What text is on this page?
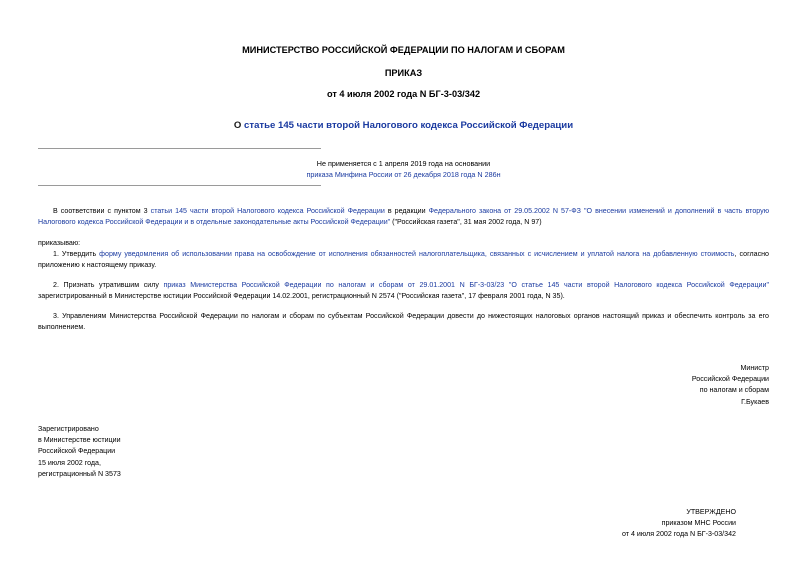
МИНИСТЕРСТВО РОССИЙСКОЙ ФЕДЕРАЦИИ ПО НАЛОГАМ И СБОРАМ
ПРИКАЗ
от 4 июля 2002 года N БГ-3-03/342
О статье 145 части второй Налогового кодекса Российской Федерации
Не применяется с 1 апреля 2019 года на основании
приказа Минфина России от 26 декабря 2018 года N 286н
В соответствии с пунктом 3 статьи 145 части второй Налогового кодекса Российской Федерации в редакции Федерального закона от 29.05.2002 N 57-ФЗ "О внесении изменений и дополнений в часть вторую Налогового кодекса Российской Федерации и в отдельные законодательные акты Российской Федерации" ("Российская газета", 31 мая 2002 года, N 97)
приказываю:
1. Утвердить форму уведомления об использовании права на освобождение от исполнения обязанностей налогоплательщика, связанных с исчислением и уплатой налога на добавленную стоимость, согласно приложению к настоящему приказу.
2. Признать утратившим силу приказ Министерства Российской Федерации по налогам и сборам от 29.01.2001 N БГ-3-03/23 "О статье 145 части второй Налогового кодекса Российской Федерации" зарегистрированный в Министерстве юстиции Российской Федерации 14.02.2001, регистрационный N 2574 ("Российская газета", 17 февраля 2001 года, N 35).
3. Управлениям Министерства Российской Федерации по налогам и сборам по субъектам Российской Федерации довести до нижестоящих налоговых органов настоящий приказ и обеспечить контроль за его выполнением.
Министр
Российской Федерации
по налогам и сборам
Г.Букаев
Зарегистрировано
в Министерстве юстиции
Российской Федерации
15 июля 2002 года,
регистрационный N 3573
УТВЕРЖДЕНО
приказом МНС России
от 4 июля 2002 года N БГ-3-03/342
